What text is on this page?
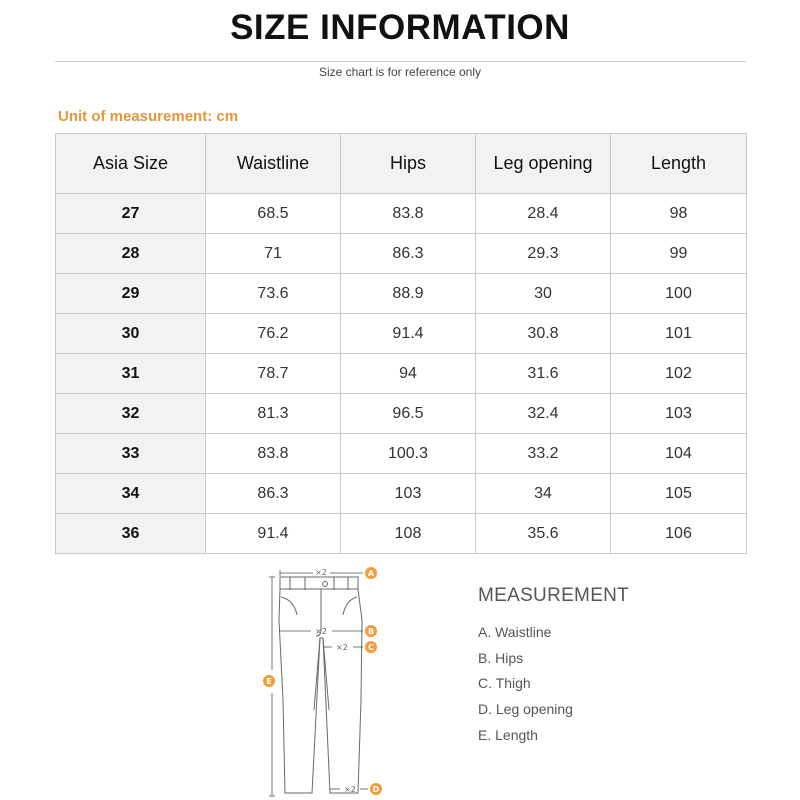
SIZE INFORMATION
Size chart is for reference only
Unit of measurement: cm
Asia Size	Waistline	Hips	Leg opening	Length
27	68.5	83.8	28.4	98
28	71	86.3	29.3	99
29	73.6	88.9	30	100
30	76.2	91.4	30.8	101
31	78.7	94	31.6	102
32	81.3	96.5	32.4	103
33	83.8	100.3	33.2	104
34	86.3	103	34	105
36	91.4	108	35.6	106
×2
×2
×2
×2
A
B
C
D
E
MEASUREMENT
A. Waistline
B. Hips
C. Thigh
D. Leg opening
E. Length
